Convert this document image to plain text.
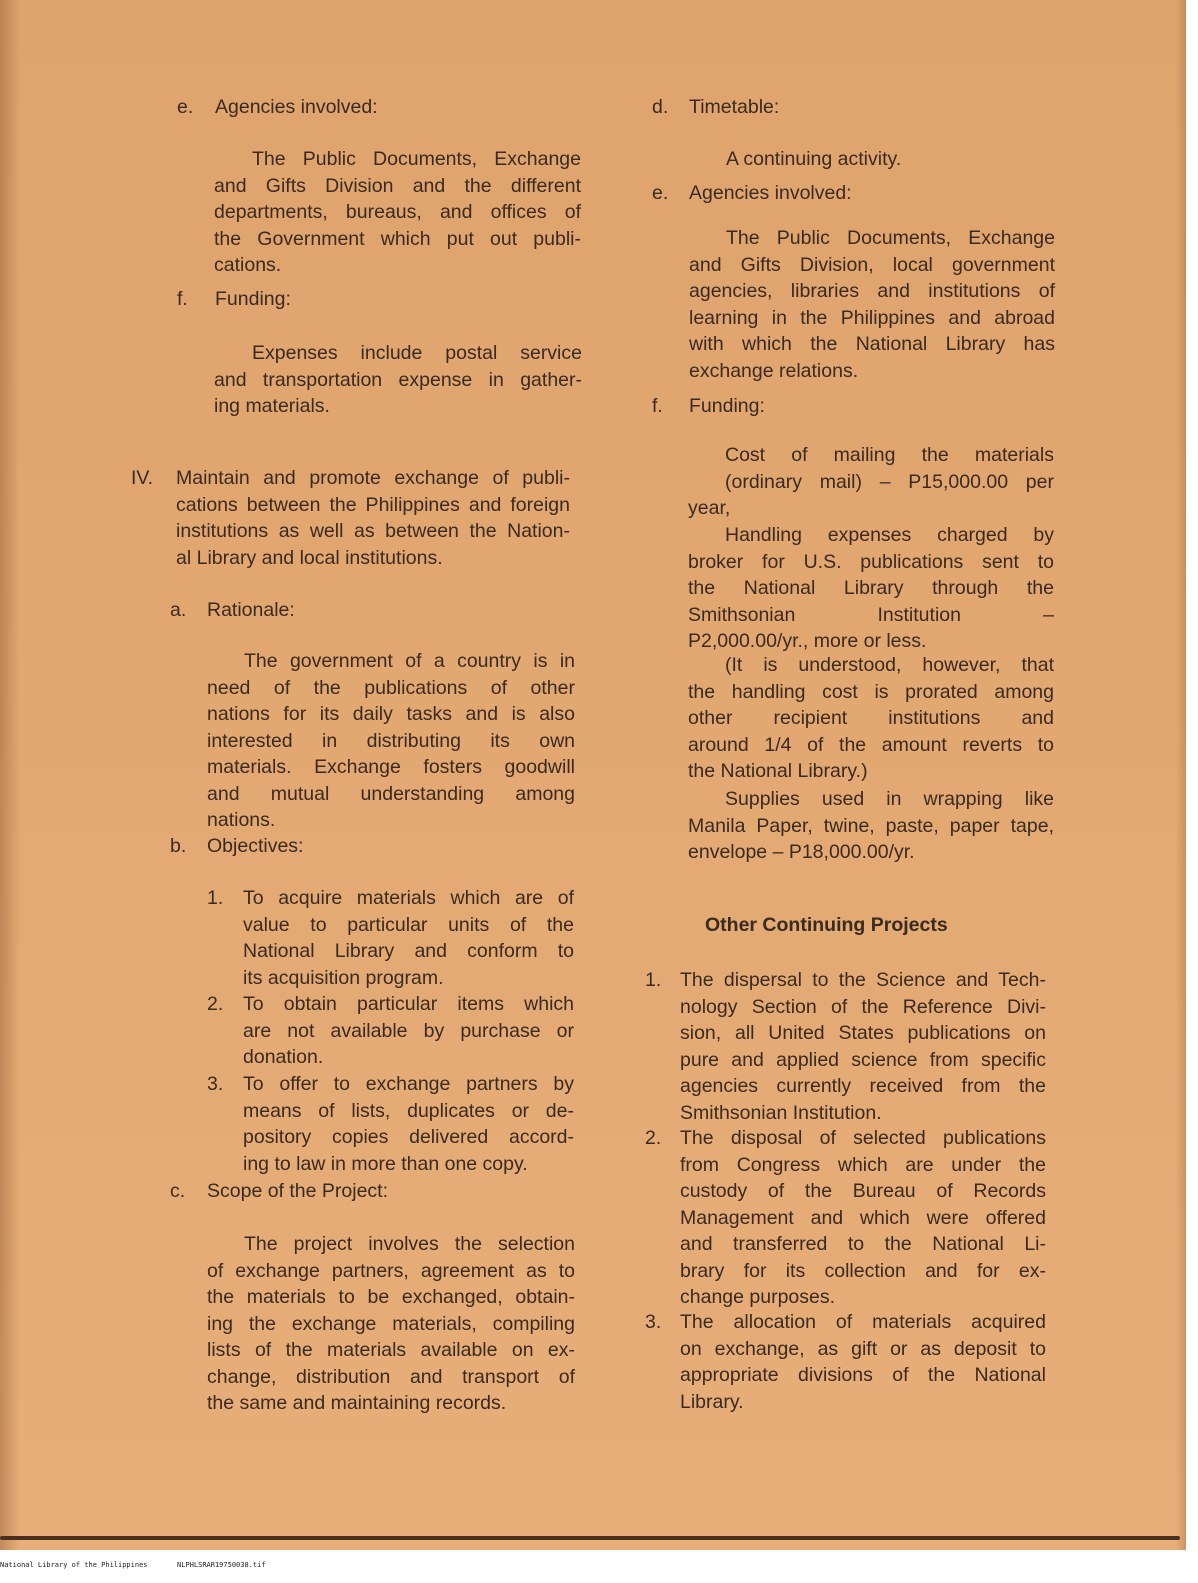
e. Agencies involved:
The Public Documents, Exchange
and Gifts Division and the different
departments, bureaus, and offices of
the Government which put out publi-
cations.
f. Funding:
Expenses include postal service
and transportation expense in gather-
ing materials.
IV. Maintain and promote exchange of publi-
cations between the Philippines and foreign
institutions as well as between the Nation-
al Library and local institutions.
a. Rationale:
The government of a country is in
need of the publications of other
nations for its daily tasks and is also
interested in distributing its own
materials. Exchange fosters goodwill
and mutual understanding among
nations.
b. Objectives:
1. To acquire materials which are of
value to particular units of the
National Library and conform to
its acquisition program.
2. To obtain particular items which
are not available by purchase or
donation.
3. To offer to exchange partners by
means of lists, duplicates or de-
pository copies delivered accord-
ing to law in more than one copy.
c. Scope of the Project:
The project involves the selection
of exchange partners, agreement as to
the materials to be exchanged, obtain-
ing the exchange materials, compiling
lists of the materials available on ex-
change, distribution and transport of
the same and maintaining records.
d. Timetable:
A continuing activity.
e. Agencies involved:
The Public Documents, Exchange
and Gifts Division, local government
agencies, libraries and institutions of
learning in the Philippines and abroad
with which the National Library has
exchange relations.
f. Funding:
Cost of mailing the materials
(ordinary mail) – P15,000.00 per
year,
Handling expenses charged by
broker for U.S. publications sent to
the National Library through the
Smithsonian Institution –
P2,000.00/yr., more or less.
(It is understood, however, that
the handling cost is prorated among
other recipient institutions and
around 1/4 of the amount reverts to
the National Library.)
Supplies used in wrapping like
Manila Paper, twine, paste, paper tape,
envelope – P18,000.00/yr.
Other Continuing Projects
1. The dispersal to the Science and Tech-
nology Section of the Reference Divi-
sion, all United States publications on
pure and applied science from specific
agencies currently received from the
Smithsonian Institution.
2. The disposal of selected publications
from Congress which are under the
custody of the Bureau of Records
Management and which were offered
and transferred to the National Li-
brary for its collection and for ex-
change purposes.
3. The allocation of materials acquired
on exchange, as gift or as deposit to
appropriate divisions of the National
Library.
National Library of the Philippines	NLPHLSRAR19750038.tif
